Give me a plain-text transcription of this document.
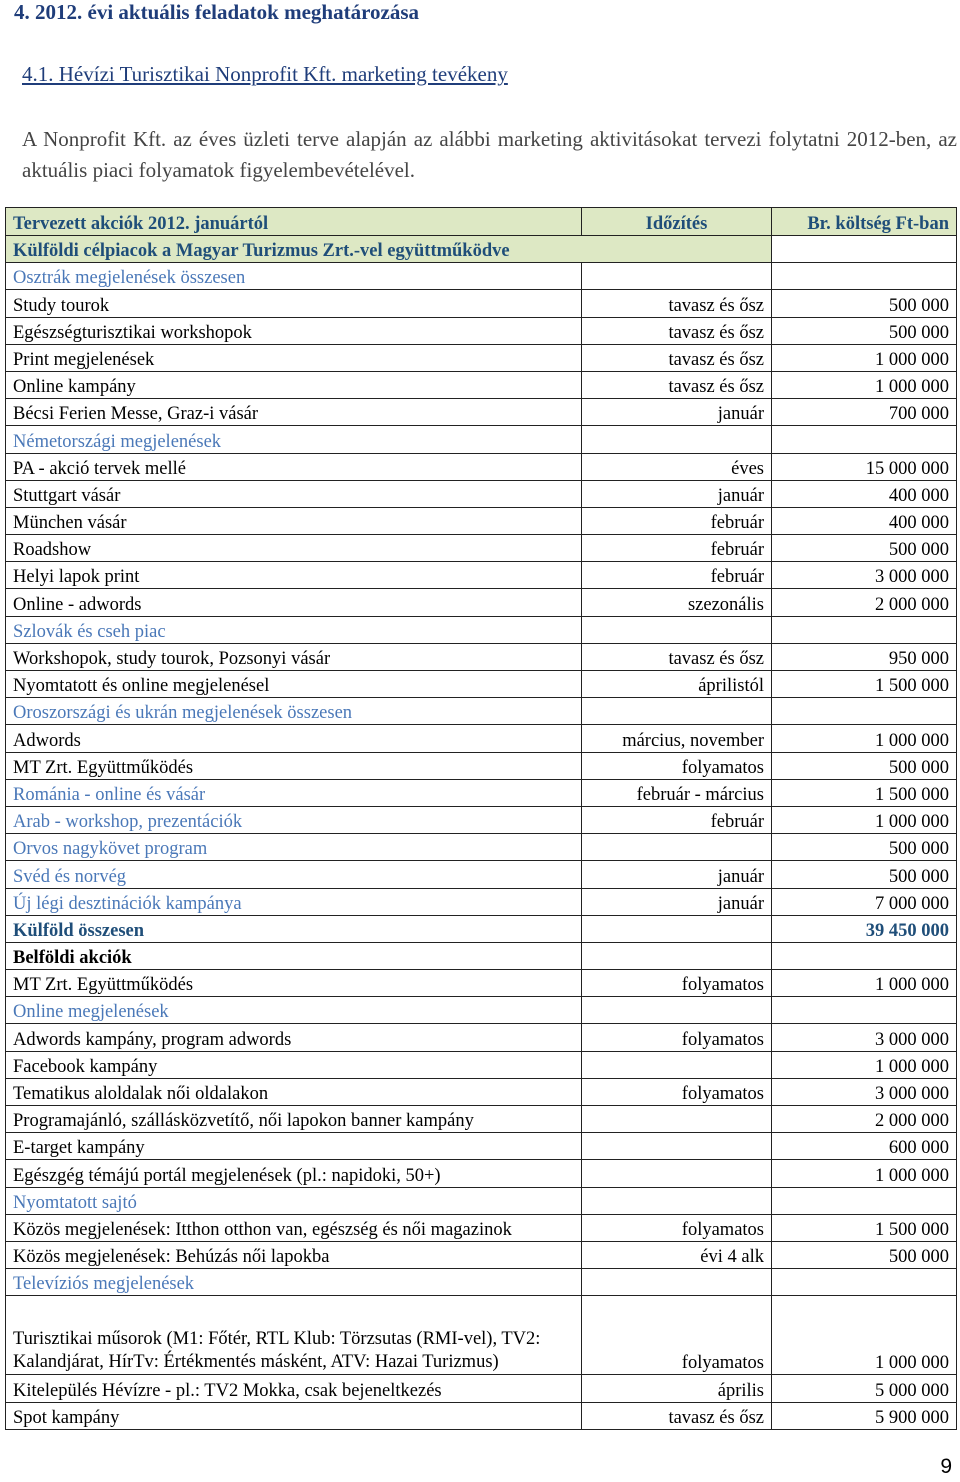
4. 2012. évi aktuális feladatok meghatározása
4.1. Hévízi Turisztikai Nonprofit Kft. marketing tevékeny
A Nonprofit Kft. az éves üzleti terve alapján az alábbi marketing aktivitásokat tervezi folytatni 2012-ben, az aktuális piaci folyamatok figyelembevételével.
Tervezett akciók 2012. januártól	Időzítés	Br. költség Ft-ban
Külföldi célpiacok a Magyar Turizmus Zrt.-vel együttműködve		
Osztrák megjelenések összesen		
Study tourok	tavasz és ősz	500 000
Egészségturisztikai workshopok	tavasz és ősz	500 000
Print megjelenések	tavasz és ősz	1 000 000
Online kampány	tavasz és ősz	1 000 000
Bécsi Ferien Messe, Graz-i vásár	január	700 000
Németországi megjelenések		
PA - akció tervek mellé	éves	15 000 000
Stuttgart vásár	január	400 000
München vásár	február	400 000
Roadshow	február	500 000
Helyi lapok print	február	3 000 000
Online - adwords	szezonális	2 000 000
Szlovák és cseh piac		
Workshopok, study tourok, Pozsonyi vásár	tavasz és ősz	950 000
Nyomtatott és online megjelenésel	áprilistól	1 500 000
Oroszországi és ukrán megjelenések összesen		
Adwords	március, november	1 000 000
MT Zrt. Együttműködés	folyamatos	500 000
Románia - online és vásár	február - március	1 500 000
Arab - workshop, prezentációk	február	1 000 000
Orvos nagykövet program		500 000
Svéd és norvég	január	500 000
Új légi desztinációk kampánya	január	7 000 000
Külföld összesen		39 450 000
Belföldi akciók		
MT Zrt. Együttműködés	folyamatos	1 000 000
Online megjelenések		
Adwords kampány, program adwords	folyamatos	3 000 000
Facebook kampány		1 000 000
Tematikus aloldalak női oldalakon	folyamatos	3 000 000
Programajánló, szállásközvetítő, női lapokon banner kampány		2 000 000
E-target kampány		600 000
Egészgég témájú portál megjelenések (pl.: napidoki, 50+)		1 000 000
Nyomtatott sajtó		
Közös megjelenések: Itthon otthon van, egészség és női magazinok	folyamatos	1 500 000
Közös megjelenések: Behúzás női lapokba	évi 4 alk	500 000
Televíziós megjelenések		
Turisztikai műsorok (M1: Főtér, RTL Klub: Törzsutas (RMI-vel), TV2: Kalandjárat, HírTv: Értékmentés másként, ATV: Hazai Turizmus)	folyamatos	1 000 000
Kitelepülés Hévízre - pl.: TV2 Mokka, csak bejeneltkezés	április	5 000 000
Spot kampány	tavasz és ősz	5 900 000
9
